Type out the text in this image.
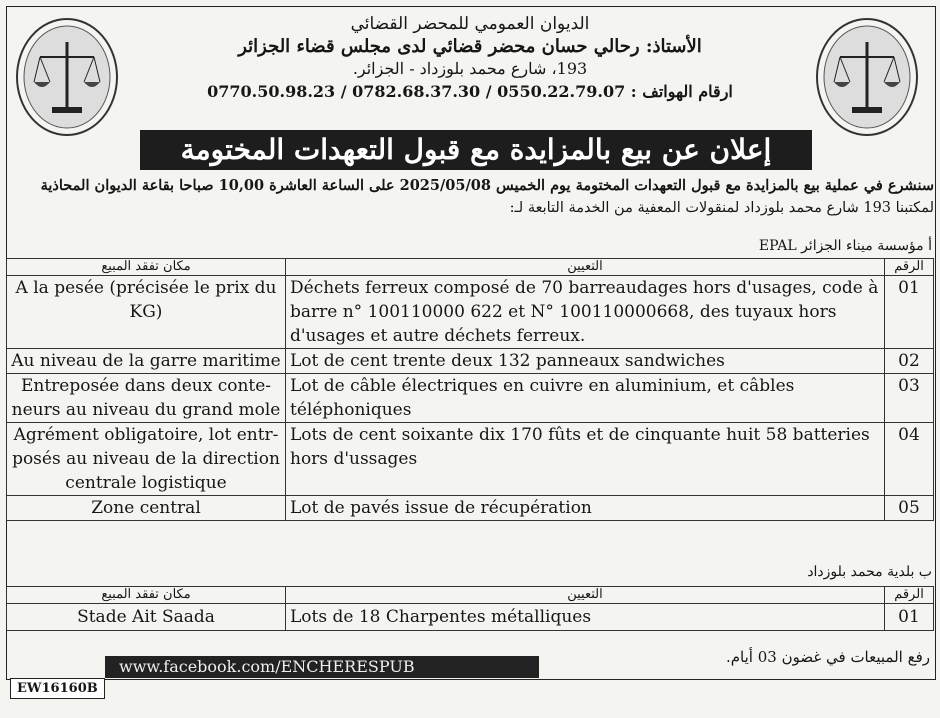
الديوان العمومي للمحضر القضائي
الأستاذ: رحالي حسان محضر قضائي لدى مجلس قضاء الجزائر
193، شارع محمد بلوزداد - الجزائر.
ارقام الهواتف : 0770.50.98.23 / 0782.68.37.30 / 0550.22.79.07
إعلان عن بيع بالمزايدة مع قبول التعهدات المختومة
سنشرع في عملية بيع بالمزايدة مع قبول التعهدات المختومة يوم الخميس 2025/05/08 على الساعة العاشرة 10,00 صباحا بقاعة الديوان المحاذية
لمكتبنا 193 شارع محمد بلوزداد لمنقولات المعفية من الخدمة التابعة لـ:
أ مؤسسة ميناء الجزائر EPAL
مكان تفقد المبيع	التعيين	الرقم
A la pesée (précisée le prix du KG)	Déchets ferreux composé de 70 barreaudages hors d'usages, code à barre n° 100110000 622 et N° 100110000668, des tuyaux hors d'usages et autre déchets ferreux.	01
Au niveau de la garre maritime	Lot de cent trente deux 132 panneaux sandwiches	02
Entreposée dans deux conte-neurs au niveau du grand mole	Lot de câble électriques en cuivre en aluminium, et câbles téléphoniques	03
Agrément obligatoire, lot entr-posés au niveau de la direction centrale logistique	Lots de cent soixante dix 170 fûts et de cinquante huit 58 batteries hors d'ussages	04
Zone central	Lot de pavés issue de récupération	05
ب بلدية محمد بلوزداد
مكان تفقد المبيع	التعيين	الرقم
Stade Ait Saada	Lots de 18 Charpentes métalliques	01
رفع المبيعات في غضون 03 أيام.
www.facebook.com/ENCHERESPUB
EW16160B
